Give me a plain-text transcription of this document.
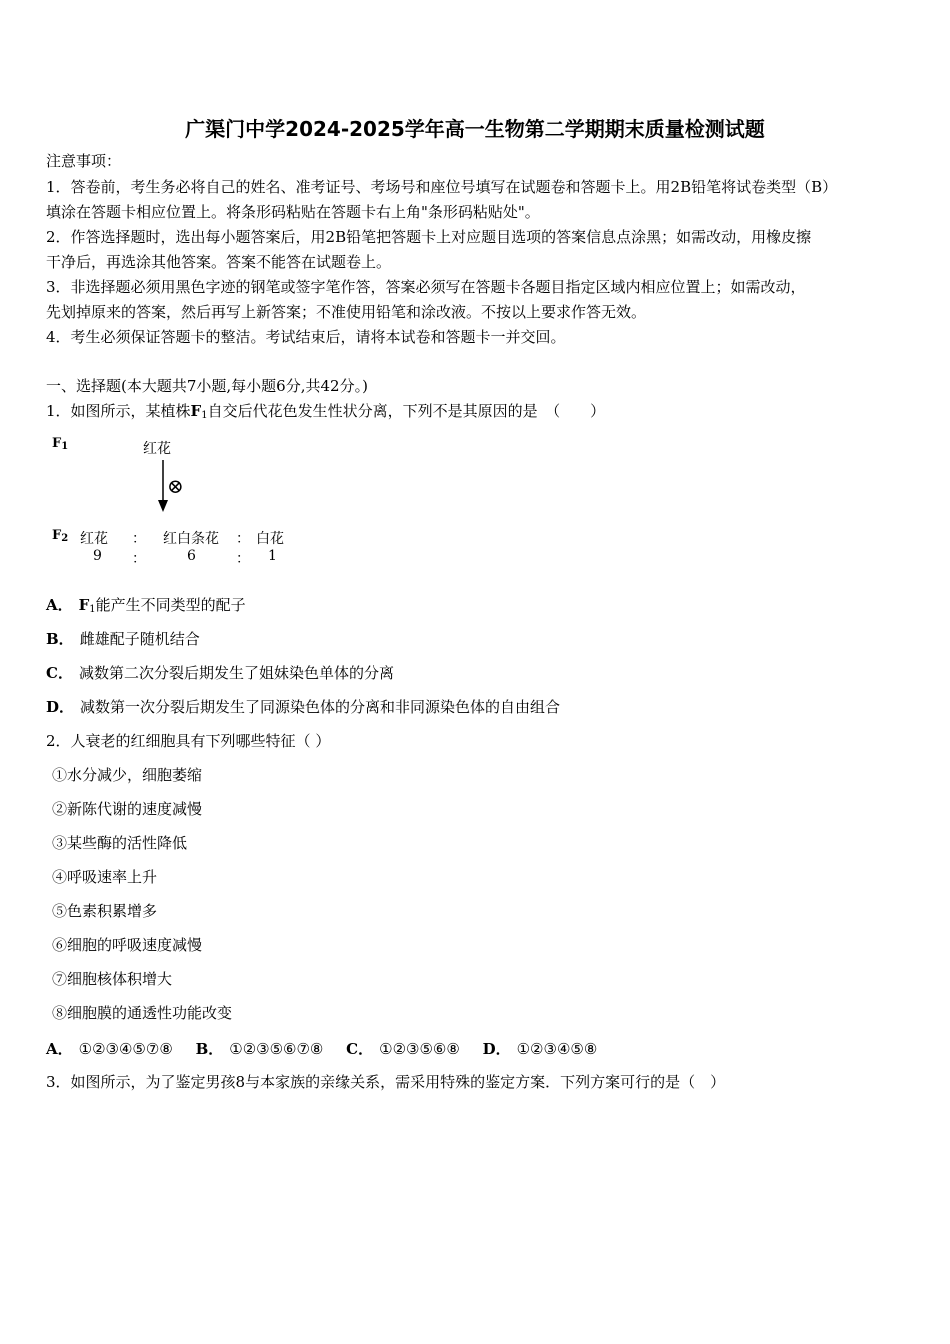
广渠门中学2024-2025学年高一生物第二学期期末质量检测试题
注意事项：
1．答卷前，考生务必将自己的姓名、准考证号、考场号和座位号填写在试题卷和答题卡上。用2B铅笔将试卷类型（B）
填涂在答题卡相应位置上。将条形码粘贴在答题卡右上角"条形码粘贴处"。
2．作答选择题时，选出每小题答案后，用2B铅笔把答题卡上对应题目选项的答案信息点涂黑；如需改动，用橡皮擦
干净后，再选涂其他答案。答案不能答在试题卷上。
3．非选择题必须用黑色字迹的钢笔或签字笔作答，答案必须写在答题卡各题目指定区域内相应位置上；如需改动，
先划掉原来的答案，然后再写上新答案；不准使用铅笔和涂改液。不按以上要求作答无效。
4．考生必须保证答题卡的整洁。考试结束后，请将本试卷和答题卡一并交回。
一、选择题(本大题共7小题,每小题6分,共42分。)
1．如图所示，某植株$F_1$自交后代花色发生性状分离，下列不是其原因的是　（　　）
$F_1$	红花
⊗
$F_2$ 红花 ： 红白条花 ： 白花
9 ：	6	： 1
A． $F_1$能产生不同类型的配子
B． 雌雄配子随机结合
C． 减数第二次分裂后期发生了姐妹染色单体的分离
D． 减数第一次分裂后期发生了同源染色体的分离和非同源染色体的自由组合
2．人衰老的红细胞具有下列哪些特征（ ）
①水分减少，细胞萎缩
②新陈代谢的速度减慢
③某些酶的活性降低
④呼吸速率上升
⑤色素积累增多
⑥细胞的呼吸速度减慢
⑦细胞核体积增大
⑧细胞膜的通透性功能改变
A． ①②③④⑤⑦⑧ B． ①②③⑤⑥⑦⑧ C． ①②③⑤⑥⑧ D． ①②③④⑤⑧
3．如图所示，为了鉴定男孩8与本家族的亲缘关系，需采用特殊的鉴定方案．下列方案可行的是（　）
